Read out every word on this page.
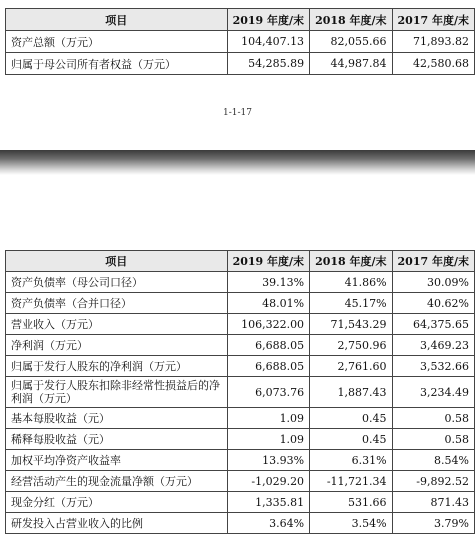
项目	2019 年度/末	2018 年度/末	2017 年度/末
资产总额（万元）	104,407.13	82,055.66	71,893.82
归属于母公司所有者权益（万元）	54,285.89	44,987.84	42,580.68
1-1-17
项目	2019 年度/末	2018 年度/末	2017 年度/末
资产负债率（母公司口径）	39.13%	41.86%	30.09%
资产负债率（合并口径）	48.01%	45.17%	40.62%
营业收入（万元）	106,322.00	71,543.29	64,375.65
净利润（万元）	6,688.05	2,750.96	3,469.23
归属于发行人股东的净利润（万元）	6,688.05	2,761.60	3,532.66
归属于发行人股东扣除非经常性损益后的净利润（万元）	6,073.76	1,887.43	3,234.49
基本每股收益（元）	1.09	0.45	0.58
稀释每股收益（元）	1.09	0.45	0.58
加权平均净资产收益率	13.93%	6.31%	8.54%
经营活动产生的现金流量净额（万元）	-1,029.20	-11,721.34	-9,892.52
现金分红（万元）	1,335.81	531.66	871.43
研发投入占营业收入的比例	3.64%	3.54%	3.79%
